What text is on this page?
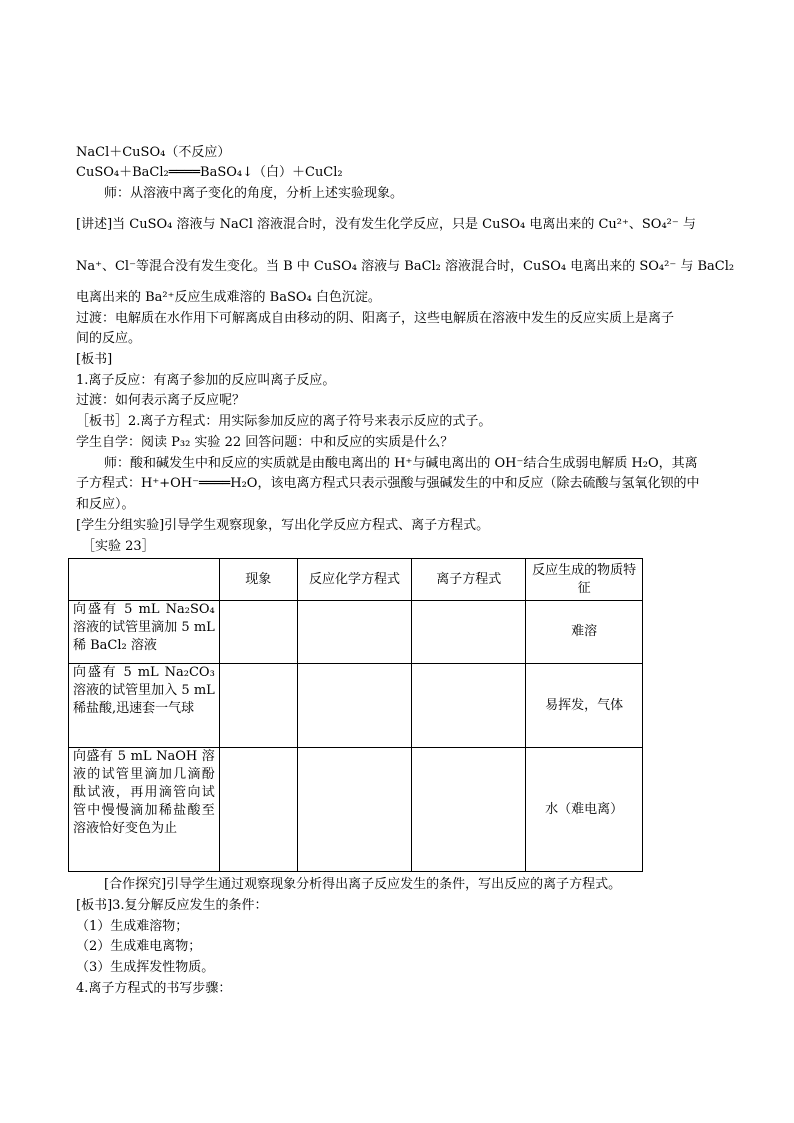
NaCl＋CuSO₄（不反应）
CuSO₄＋BaCl₂════BaSO₄↓（白）＋CuCl₂
师：从溶液中离子变化的角度，分析上述实验现象。
[讲述]当 CuSO₄ 溶液与 NaCl 溶液混合时，没有发生化学反应，只是 CuSO₄ 电离出来的 Cu²⁺、SO₄²⁻ 与
Na⁺、Cl⁻等混合没有发生变化。当 B 中 CuSO₄ 溶液与 BaCl₂ 溶液混合时，CuSO₄ 电离出来的 SO₄²⁻ 与 BaCl₂
电离出来的 Ba²⁺反应生成难溶的 BaSO₄ 白色沉淀。
过渡：电解质在水作用下可解离成自由移动的阴、阳离子，这些电解质在溶液中发生的反应实质上是离子
间的反应。
[板书]
1.离子反应：有离子参加的反应叫离子反应。
过渡：如何表示离子反应呢？
［板书］2.离子方程式：用实际参加反应的离子符号来表示反应的式子。
学生自学：阅读 P₃₂ 实验 22 回答问题：中和反应的实质是什么？
师：酸和碱发生中和反应的实质就是由酸电离出的 H⁺与碱电离出的 OH⁻结合生成弱电解质 H₂O，其离
子方程式：H⁺+OH⁻════H₂O，该电离方程式只表示强酸与强碱发生的中和反应（除去硫酸与氢氧化钡的中
和反应）。
[学生分组实验]引导学生观察现象，写出化学反应方程式、离子方程式。
［实验 23］
	现象	反应化学方程式	离子方程式	反应生成的物质特征
向盛有 5 mL Na₂SO₄ 溶液的试管里滴加 5 mL 稀 BaCl₂ 溶液				难溶
向盛有 5 mL Na₂CO₃ 溶液的试管里加入 5 mL 稀盐酸,迅速套一气球				易挥发，气体
向盛有 5 mL NaOH 溶液的试管里滴加几滴酚酞试液，再用滴管向试管中慢慢滴加稀盐酸至溶液恰好变色为止				水（难电离）
[合作探究]引导学生通过观察现象分析得出离子反应发生的条件，写出反应的离子方程式。
[板书]3.复分解反应发生的条件：
（1）生成难溶物；
（2）生成难电离物；
（3）生成挥发性物质。
4.离子方程式的书写步骤：
